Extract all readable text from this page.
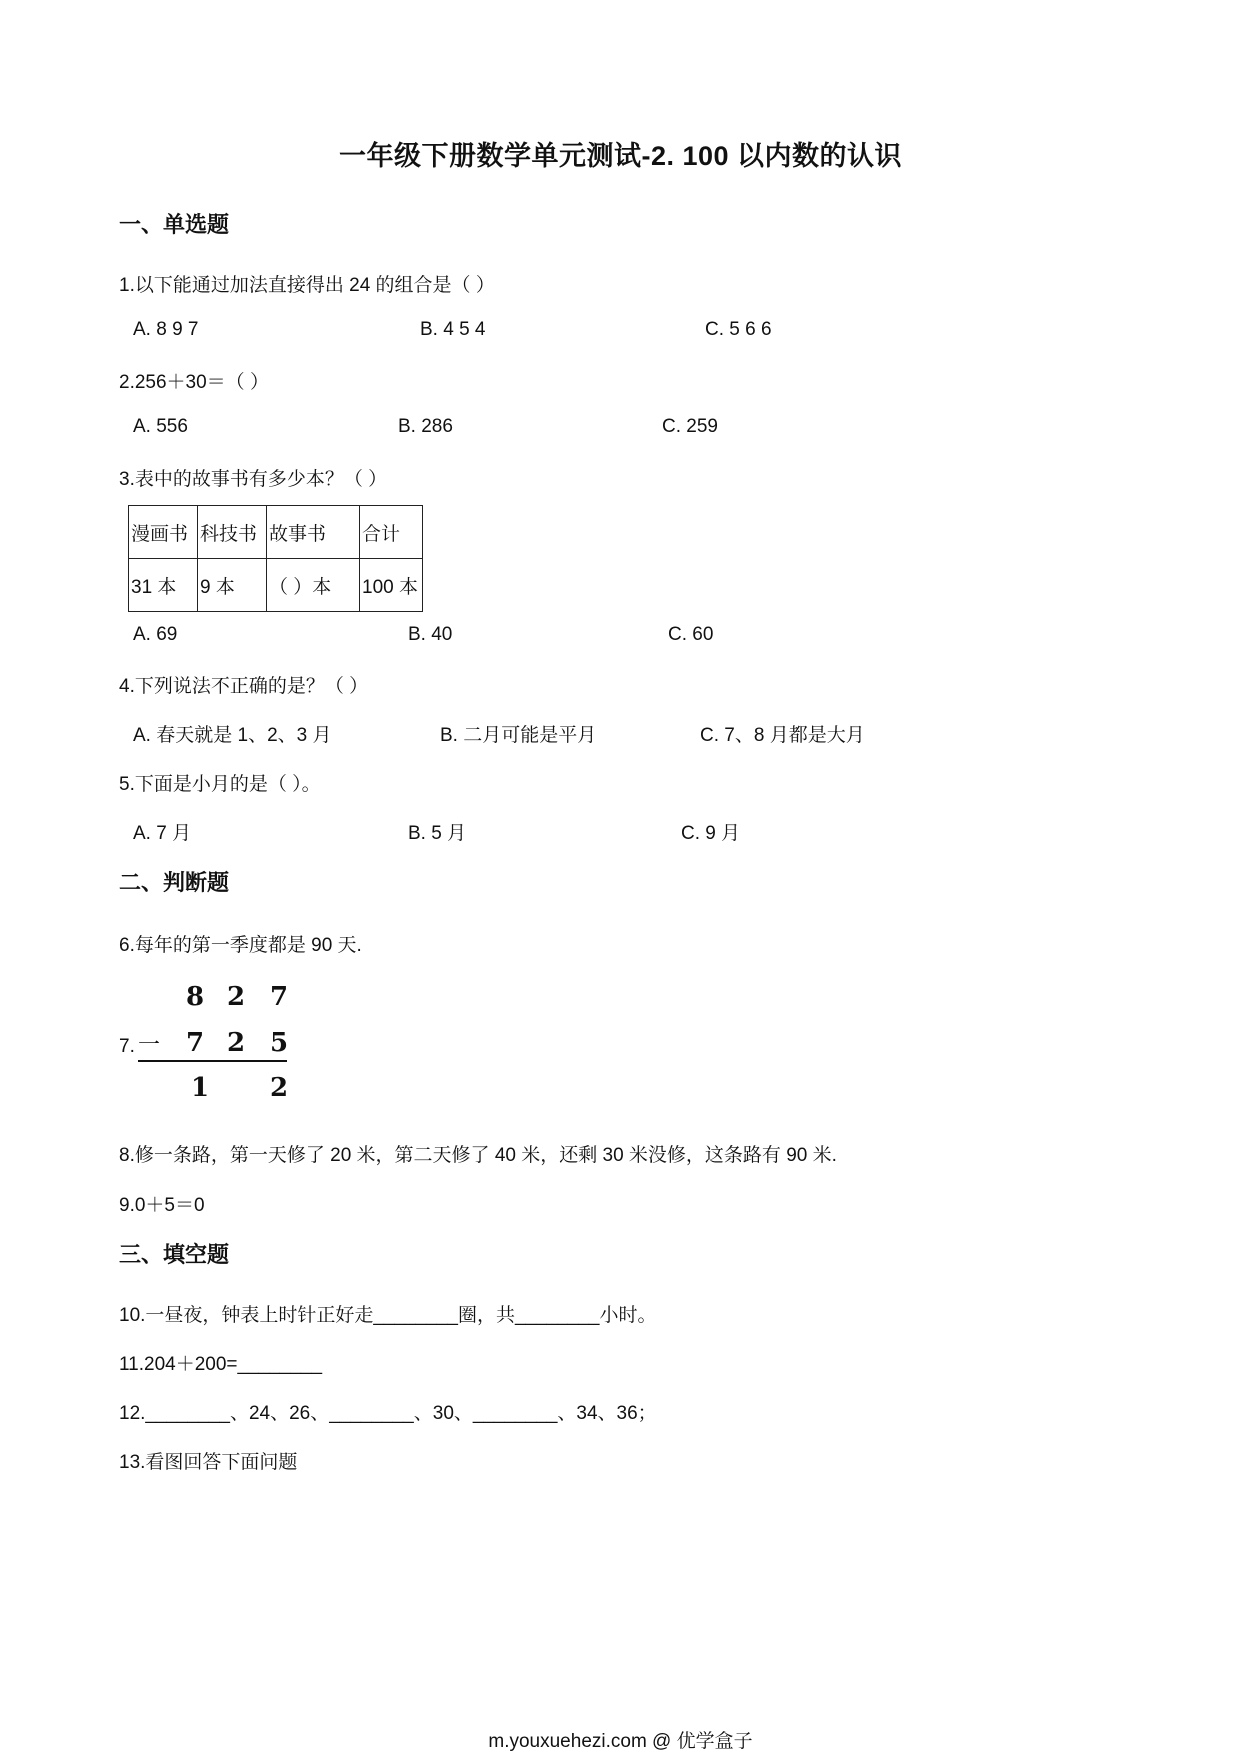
一年级下册数学单元测试-2. 100 以内数的认识
一、单选题
1.以下能通过加法直接得出 24 的组合是（ ）
A. 8 9 7	B. 4 5 4	C. 5 6 6
2.256＋30＝（ ）
A. 556	B. 286	C. 259
3.表中的故事书有多少本？（ ）
漫画书	科技书	故事书	合计
31 本	9 本	（ ）本	100 本
A. 69	B. 40	C. 60
4.下列说法不正确的是？（ ）
A. 春天就是 1、2、3 月	B. 二月可能是平月	C. 7、8 月都是大月
5.下面是小月的是（ ）。
A. 7 月	B. 5 月	C. 9 月
二、判断题
6.每年的第一季度都是 90 天.
7.
8 2 7
一 7 2 5
1 2
8.修一条路，第一天修了 20 米，第二天修了 40 米，还剩 30 米没修，这条路有 90 米.
9.0＋5＝0
三、填空题
10.一昼夜，钟表上时针正好走________圈，共________小时。
11.204＋200=________
12.________、24、26、________、30、________、34、36；
13.看图回答下面问题
m.youxuehezi.com @ 优学盒子
